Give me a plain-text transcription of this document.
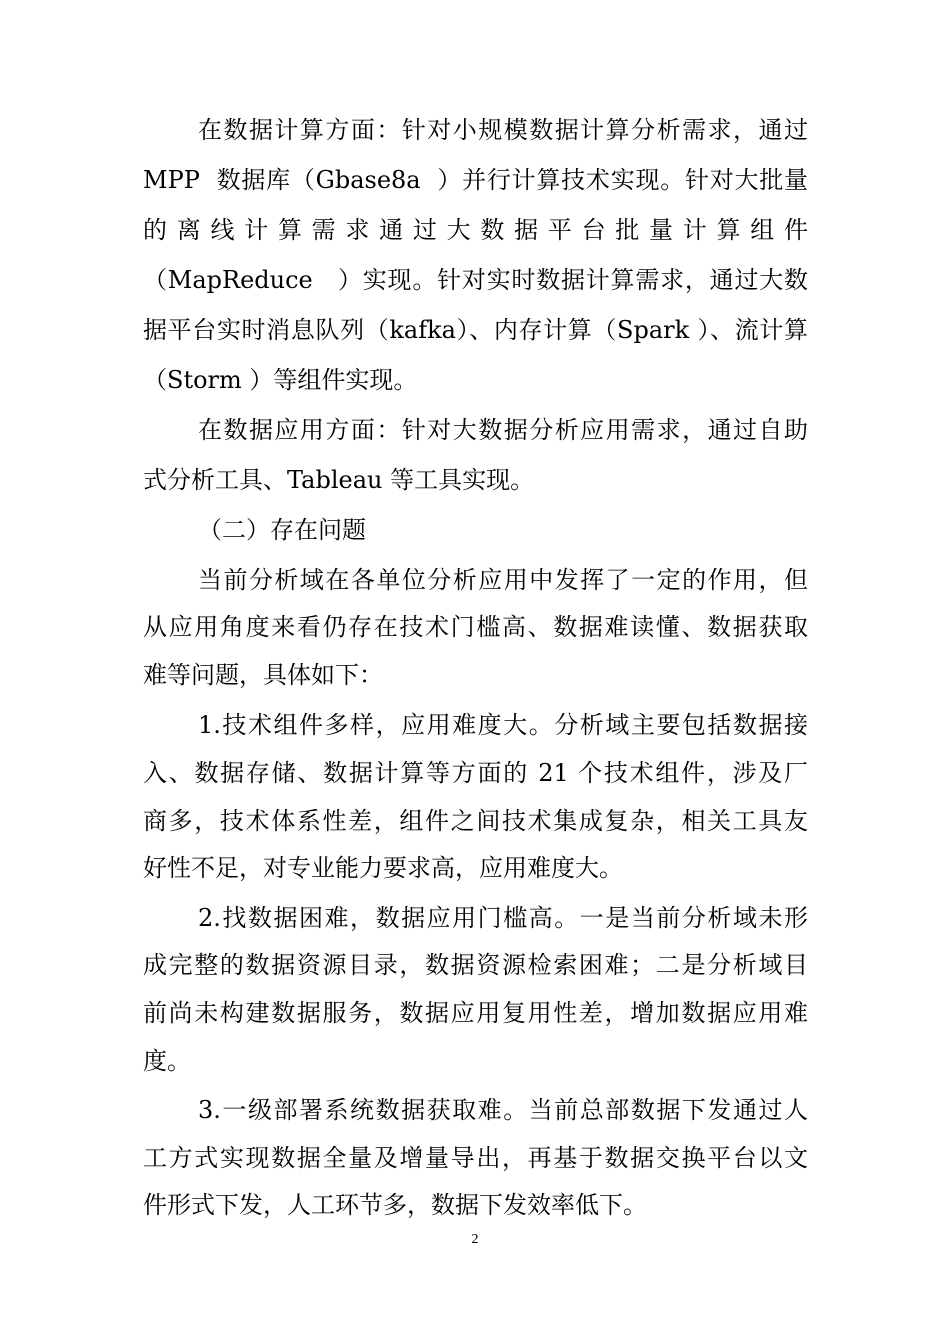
在数据计算方面：针对小规模数据计算分析需求，通过
MPP  数据库（Gbase8a  ）并行计算技术实现。针对大批量
的 离 线 计 算 需 求 通 过 大 数 据 平 台 批 量 计 算 组 件
（MapReduce   ）实现。针对实时数据计算需求，通过大数
据平台实时消息队列（kafka）、内存计算（Spark ）、流计算
（Storm ）等组件实现。
在数据应用方面：针对大数据分析应用需求，通过自助
式分析工具、Tableau 等工具实现。
（二）存在问题
当前分析域在各单位分析应用中发挥了一定的作用，但
从应用角度来看仍存在技术门槛高、数据难读懂、数据获取
难等问题，具体如下：
1.技术组件多样，应用难度大。分析域主要包括数据接
入、数据存储、数据计算等方面的 21 个技术组件，涉及厂
商多，技术体系性差，组件之间技术集成复杂，相关工具友
好性不足，对专业能力要求高，应用难度大。
2.找数据困难，数据应用门槛高。一是当前分析域未形
成完整的数据资源目录，数据资源检索困难；二是分析域目
前尚未构建数据服务，数据应用复用性差，增加数据应用难
度。
3.一级部署系统数据获取难。当前总部数据下发通过人
工方式实现数据全量及增量导出，再基于数据交换平台以文
件形式下发，人工环节多，数据下发效率低下。
2
